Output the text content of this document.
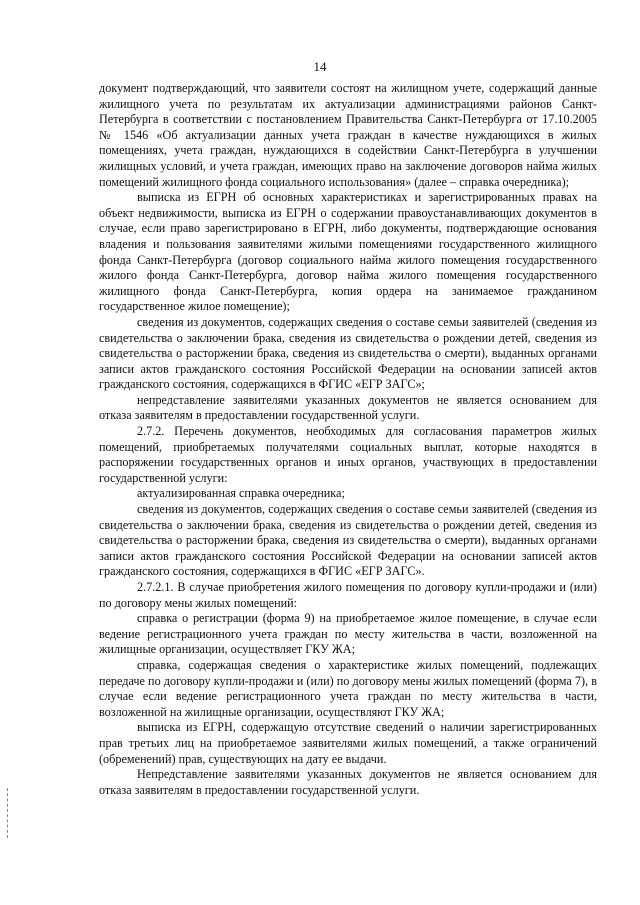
14

документ подтверждающий, что заявители состоят на жилищном учете, содержащий данные жилищного учета по результатам их актуализации администрациями районов Санкт-Петербурга в соответствии с постановлением Правительства Санкт-Петербурга от 17.10.2005 № 1546 «Об актуализации данных учета граждан в качестве нуждающихся в жилых помещениях, учета граждан, нуждающихся в содействии Санкт-Петербурга в улучшении жилищных условий, и учета граждан, имеющих право на заключение договоров найма жилых помещений жилищного фонда социального использования» (далее – справка очередника);

выписка из ЕГРН об основных характеристиках и зарегистрированных правах на объект недвижимости, выписка из ЕГРН о содержании правоустанавливающих документов в случае, если право зарегистрировано в ЕГРН, либо документы, подтверждающие основания владения и пользования заявителями жилыми помещениями государственного жилищного фонда Санкт-Петербурга (договор социального найма жилого помещения государственного жилого фонда Санкт-Петербурга, договор найма жилого помещения государственного жилищного фонда Санкт-Петербурга, копия ордера на занимаемое гражданином государственное жилое помещение);

сведения из документов, содержащих сведения о составе семьи заявителей (сведения из свидетельства о заключении брака, сведения из свидетельства о рождении детей, сведения из свидетельства о расторжении брака, сведения из свидетельства о смерти), выданных органами записи актов гражданского состояния Российской Федерации на основании записей актов гражданского состояния, содержащихся в ФГИС «ЕГР ЗАГС»;

непредставление заявителями указанных документов не является основанием для отказа заявителям в предоставлении государственной услуги.

2.7.2. Перечень документов, необходимых для согласования параметров жилых помещений, приобретаемых получателями социальных выплат, которые находятся в распоряжении государственных органов и иных органов, участвующих в предоставлении государственной услуги:

актуализированная справка очередника;

сведения из документов, содержащих сведения о составе семьи заявителей (сведения из свидетельства о заключении брака, сведения из свидетельства о рождении детей, сведения из свидетельства о расторжении брака, сведения из свидетельства о смерти), выданных органами записи актов гражданского состояния Российской Федерации на основании записей актов гражданского состояния, содержащихся в ФГИС «ЕГР ЗАГС».

2.7.2.1. В случае приобретения жилого помещения по договору купли-продажи и (или) по договору мены жилых помещений:

справка о регистрации (форма 9) на приобретаемое жилое помещение, в случае если ведение регистрационного учета граждан по месту жительства в части, возложенной на жилищные организации, осуществляет ГКУ ЖА;

справка, содержащая сведения о характеристике жилых помещений, подлежащих передаче по договору купли-продажи и (или) по договору мены жилых помещений (форма 7), в случае если ведение регистрационного учета граждан по месту жительства в части, возложенной на жилищные организации, осуществляют ГКУ ЖА;

выписка из ЕГРН, содержащую отсутствие сведений о наличии зарегистрированных прав третьих лиц на приобретаемое заявителями жилых помещений, а также ограничений (обременений) прав, существующих на дату ее выдачи.

Непредставление заявителями указанных документов не является основанием для отказа заявителям в предоставлении государственной услуги.
